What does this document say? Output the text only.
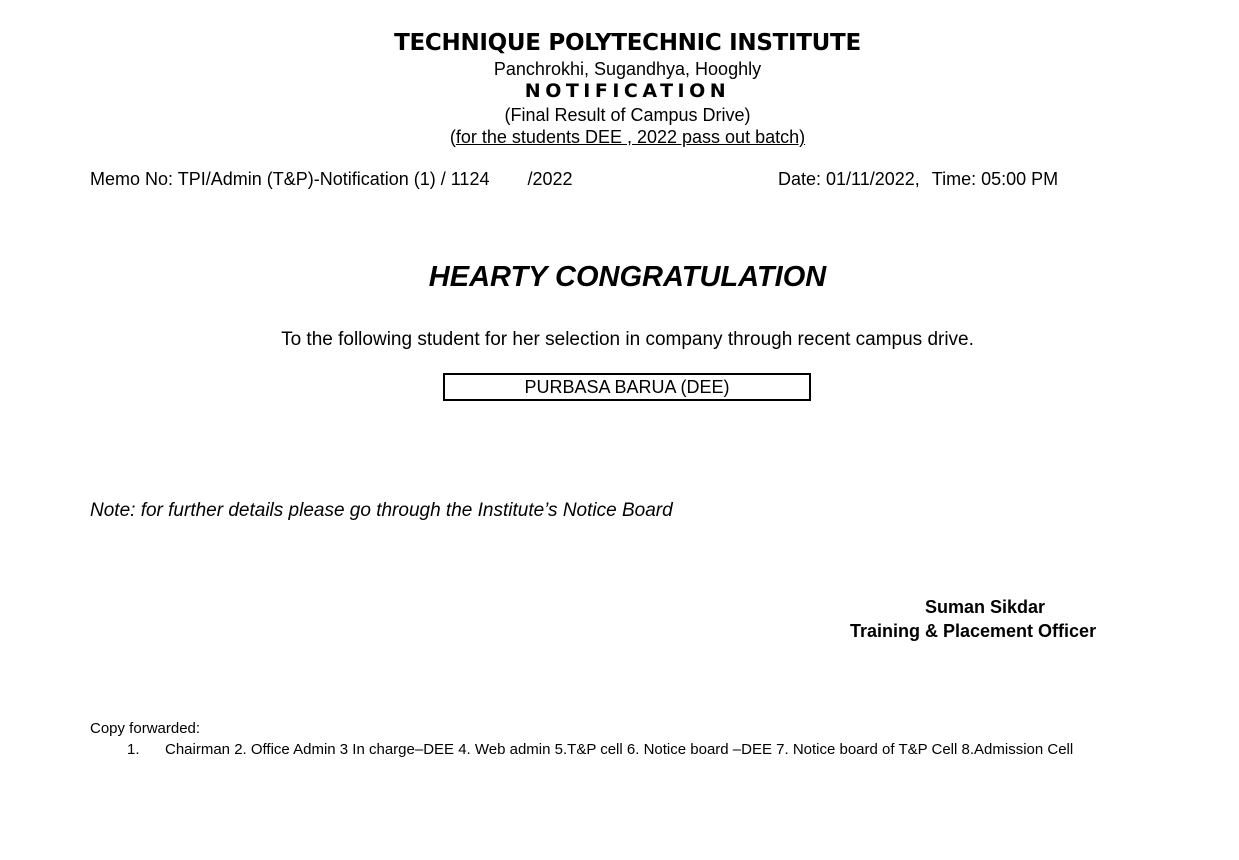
TECHNIQUE POLYTECHNIC INSTITUTE
Panchrokhi, Sugandhya, Hooghly
NOTIFICATION
(Final Result of Campus Drive)
(for the students DEE , 2022 pass out batch)
Memo No: TPI/Admin (T&P)-Notification (1) / 1124 /2022	Date: 01/11/2022, Time: 05:00 PM
HEARTY CONGRATULATION
To the following student for her selection in company through recent campus drive.
PURBASA BARUA (DEE)
Note: for further details please go through the Institute’s Notice Board
Suman Sikdar
Training & Placement Officer
Copy forwarded:
1. Chairman 2. Office Admin 3 In charge–DEE 4. Web admin 5.T&P cell 6. Notice board –DEE 7. Notice board of T&P Cell 8.Admission Cell
